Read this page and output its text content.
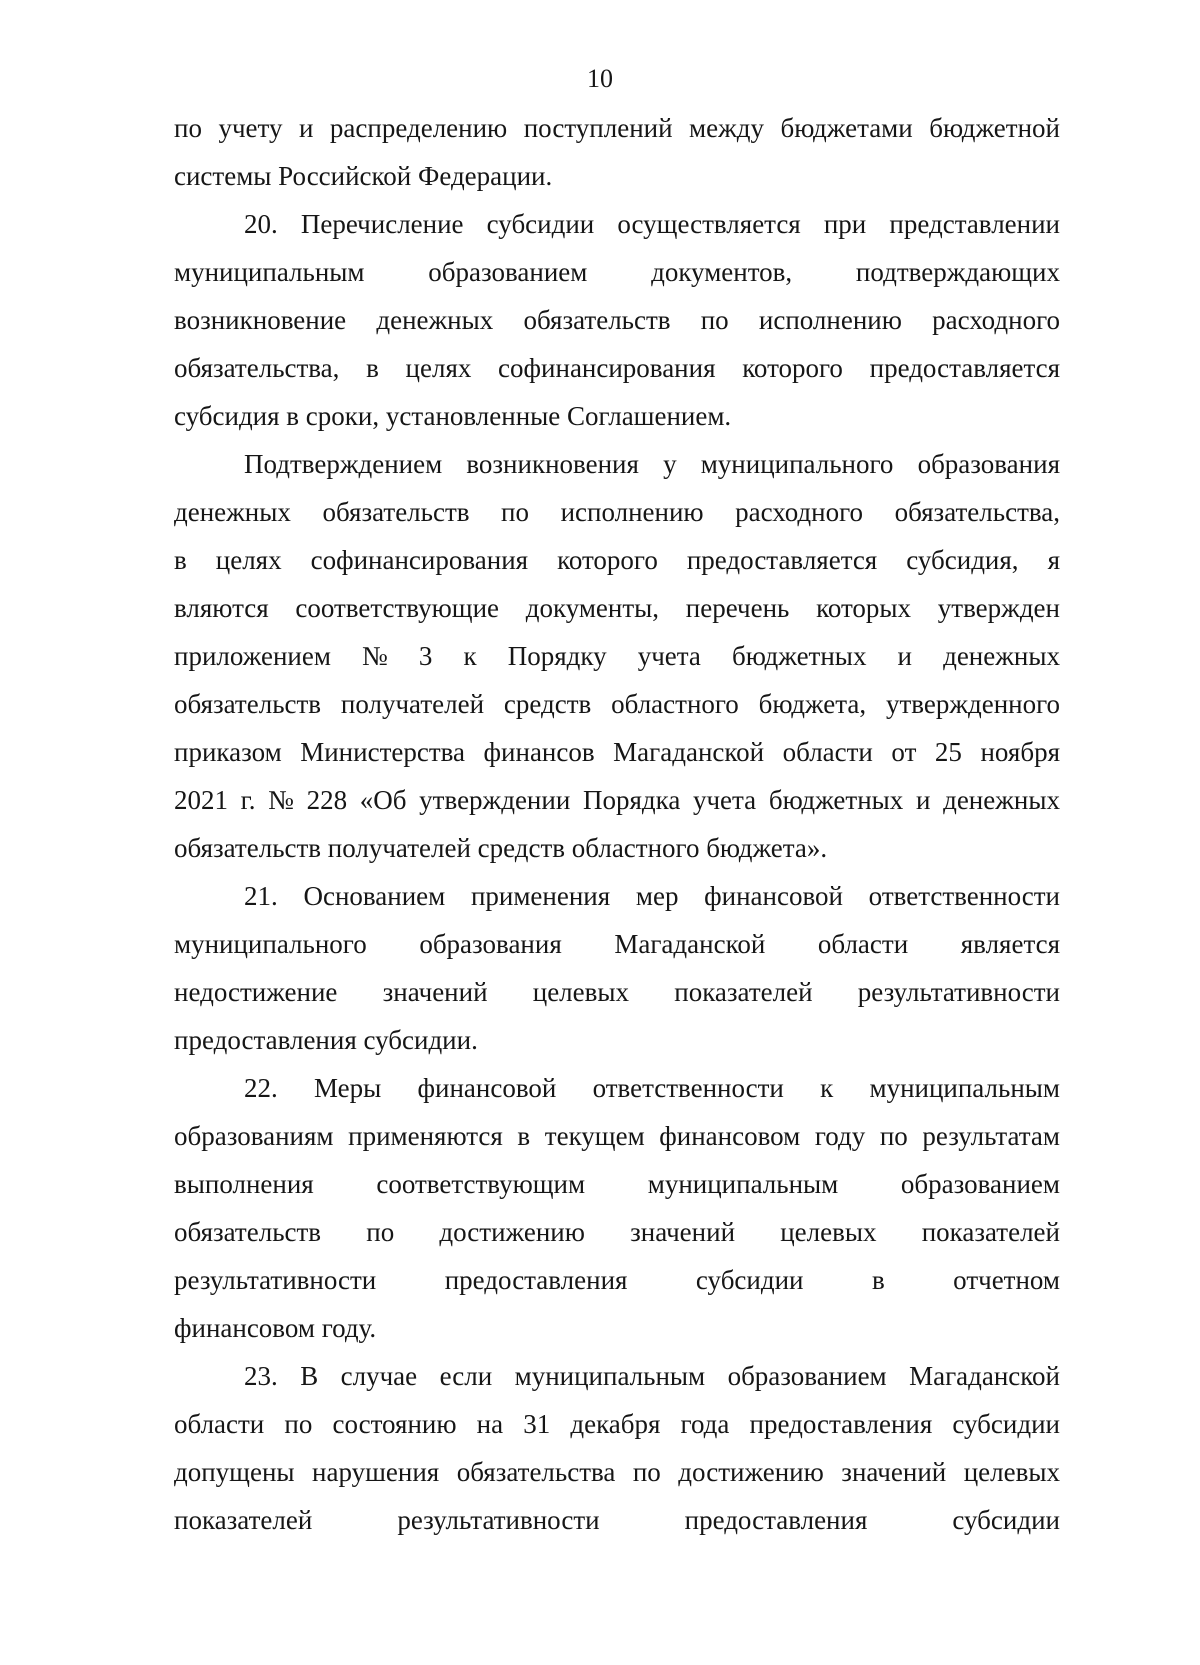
10
по учету и распределению поступлений между бюджетами бюджетной
системы Российской Федерации.
20. Перечисление субсидии осуществляется при представлении
муниципальным образованием документов, подтверждающих
возникновение денежных обязательств по исполнению расходного
обязательства, в целях софинансирования которого предоставляется
субсидия в сроки, установленные Соглашением.
Подтверждением возникновения у муниципального образования
денежных обязательств по исполнению расходного обязательства,
в целях софинансирования которого предоставляется субсидия, я
вляются соответствующие документы, перечень которых утвержден
приложением № 3 к Порядку учета бюджетных и денежных
обязательств получателей средств областного бюджета, утвержденного
приказом Министерства финансов Магаданской области от 25 ноября
2021 г. № 228 «Об утверждении Порядка учета бюджетных и денежных
обязательств получателей средств областного бюджета».
21. Основанием применения мер финансовой ответственности
муниципального образования Магаданской области является
недостижение значений целевых показателей результативности
предоставления субсидии.
22. Меры финансовой ответственности к муниципальным
образованиям применяются в текущем финансовом году по результатам
выполнения соответствующим муниципальным образованием
обязательств по достижению значений целевых показателей
результативности предоставления субсидии в отчетном
финансовом году.
23. В случае если муниципальным образованием Магаданской
области по состоянию на 31 декабря года предоставления субсидии
допущены нарушения обязательства по достижению значений целевых
показателей результативности предоставления субсидии
